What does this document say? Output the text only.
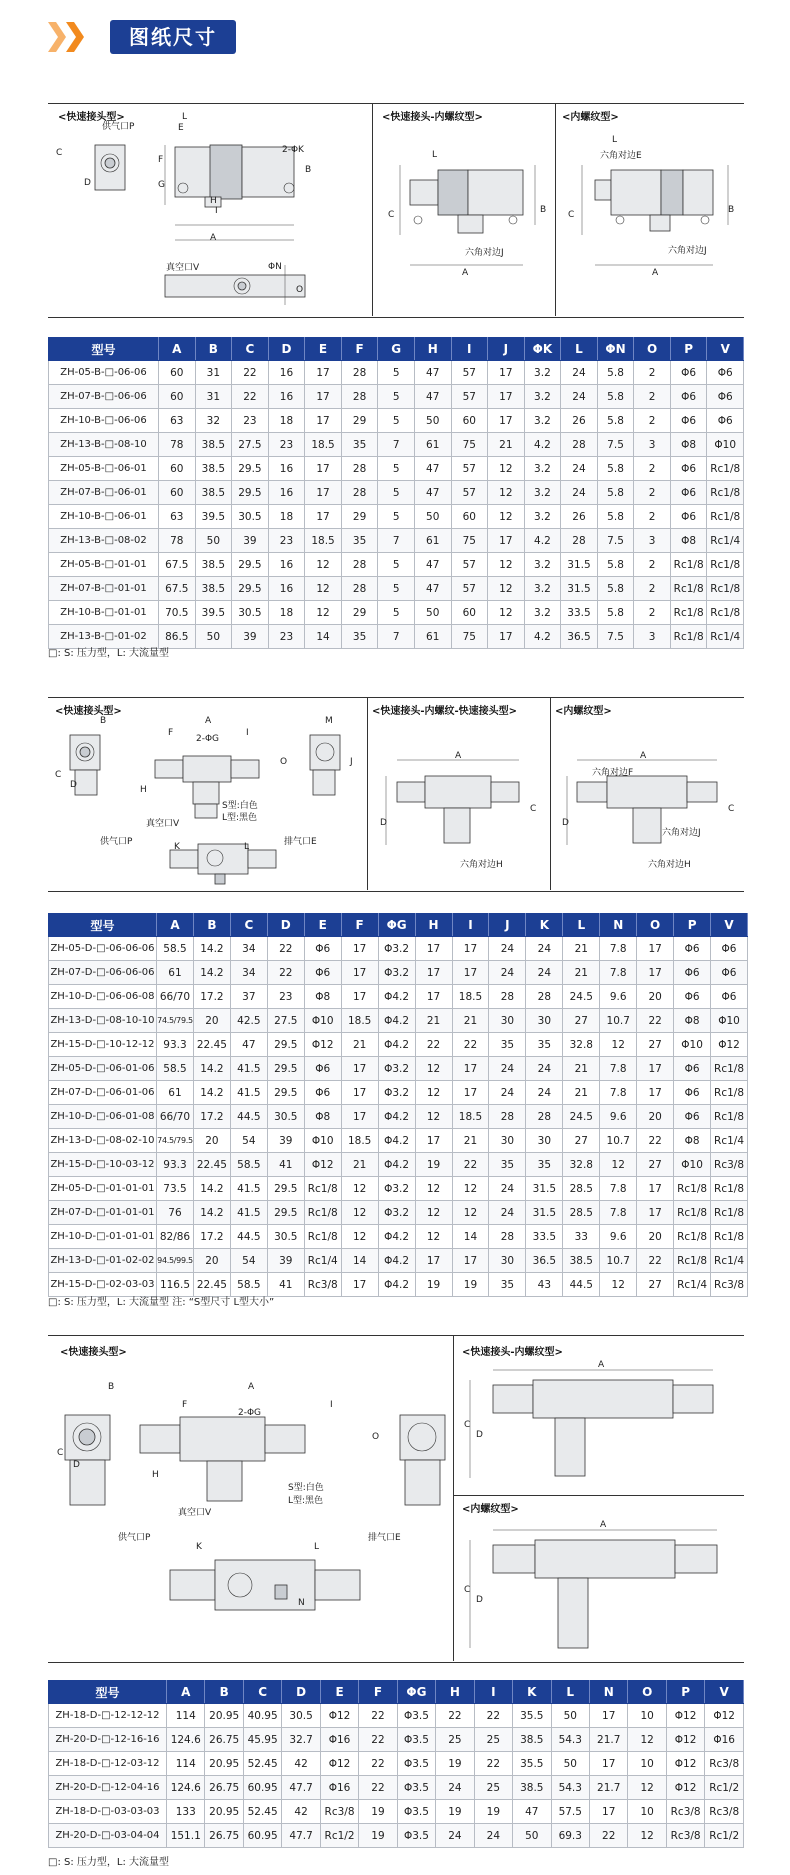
图纸尺寸
<快速接头型>	<快速接头-内螺纹型>	<内螺纹型>
供气口P
L
E
D
C
F
G
H
I
A
B
2-ΦK
真空口V	ΦN
O
L
C	B
六角对边J
A
L
六角对边E
C	B
六角对边J
A
型号	A	B	C	D	E	F	G	H	I	J	ΦK	L	ΦN	O	P	V
ZH-05-B-□-06-06	60	31	22	16	17	28	5	47	57	17	3.2	24	5.8	2	Φ6	Φ6
ZH-07-B-□-06-06	60	31	22	16	17	28	5	47	57	17	3.2	24	5.8	2	Φ6	Φ6
ZH-10-B-□-06-06	63	32	23	18	17	29	5	50	60	17	3.2	26	5.8	2	Φ6	Φ6
ZH-13-B-□-08-10	78	38.5	27.5	23	18.5	35	7	61	75	21	4.2	28	7.5	3	Φ8	Φ10
ZH-05-B-□-06-01	60	38.5	29.5	16	17	28	5	47	57	12	3.2	24	5.8	2	Φ6	Rc1/8
ZH-07-B-□-06-01	60	38.5	29.5	16	17	28	5	47	57	12	3.2	24	5.8	2	Φ6	Rc1/8
ZH-10-B-□-06-01	63	39.5	30.5	18	17	29	5	50	60	12	3.2	26	5.8	2	Φ6	Rc1/8
ZH-13-B-□-08-02	78	50	39	23	18.5	35	7	61	75	17	4.2	28	7.5	3	Φ8	Rc1/4
ZH-05-B-□-01-01	67.5	38.5	29.5	16	12	28	5	47	57	12	3.2	31.5	5.8	2	Rc1/8	Rc1/8
ZH-07-B-□-01-01	67.5	38.5	29.5	16	12	28	5	47	57	12	3.2	31.5	5.8	2	Rc1/8	Rc1/8
ZH-10-B-□-01-01	70.5	39.5	30.5	18	12	29	5	50	60	12	3.2	33.5	5.8	2	Rc1/8	Rc1/8
ZH-13-B-□-01-02	86.5	50	39	23	14	35	7	61	75	17	4.2	36.5	7.5	3	Rc1/8	Rc1/4
□: S: 压力型，L: 大流量型
<快速接头型>	<快速接头-内螺纹-快速接头型>	<内螺纹型>
B	A	M
F
2-ΦG
I
O	J
C
D	H
S型:白色
L型:黑色
真空口V
供气口P	K	L	排气口E
A
D
C
六角对边H
A
六角对边F
D
C
六角对边J
六角对边H
型号	A	B	C	D	E	F	ΦG	H	I	J	K	L	N	O	P	V
ZH-05-D-□-06-06-06	58.5	14.2	34	22	Φ6	17	Φ3.2	17	17	24	24	21	7.8	17	Φ6	Φ6
ZH-07-D-□-06-06-06	61	14.2	34	22	Φ6	17	Φ3.2	17	17	24	24	21	7.8	17	Φ6	Φ6
ZH-10-D-□-06-06-08	66/70	17.2	37	23	Φ8	17	Φ4.2	17	18.5	28	28	24.5	9.6	20	Φ6	Φ6
ZH-13-D-□-08-10-10	74.5/79.5	20	42.5	27.5	Φ10	18.5	Φ4.2	21	21	30	30	27	10.7	22	Φ8	Φ10
ZH-15-D-□-10-12-12	93.3	22.45	47	29.5	Φ12	21	Φ4.2	22	22	35	35	32.8	12	27	Φ10	Φ12
ZH-05-D-□-06-01-06	58.5	14.2	41.5	29.5	Φ6	17	Φ3.2	12	17	24	24	21	7.8	17	Φ6	Rc1/8
ZH-07-D-□-06-01-06	61	14.2	41.5	29.5	Φ6	17	Φ3.2	12	17	24	24	21	7.8	17	Φ6	Rc1/8
ZH-10-D-□-06-01-08	66/70	17.2	44.5	30.5	Φ8	17	Φ4.2	12	18.5	28	28	24.5	9.6	20	Φ6	Rc1/8
ZH-13-D-□-08-02-10	74.5/79.5	20	54	39	Φ10	18.5	Φ4.2	17	21	30	30	27	10.7	22	Φ8	Rc1/4
ZH-15-D-□-10-03-12	93.3	22.45	58.5	41	Φ12	21	Φ4.2	19	22	35	35	32.8	12	27	Φ10	Rc3/8
ZH-05-D-□-01-01-01	73.5	14.2	41.5	29.5	Rc1/8	12	Φ3.2	12	12	24	31.5	28.5	7.8	17	Rc1/8	Rc1/8
ZH-07-D-□-01-01-01	76	14.2	41.5	29.5	Rc1/8	12	Φ3.2	12	12	24	31.5	28.5	7.8	17	Rc1/8	Rc1/8
ZH-10-D-□-01-01-01	82/86	17.2	44.5	30.5	Rc1/8	12	Φ4.2	12	14	28	33.5	33	9.6	20	Rc1/8	Rc1/8
ZH-13-D-□-01-02-02	94.5/99.5	20	54	39	Rc1/4	14	Φ4.2	17	17	30	36.5	38.5	10.7	22	Rc1/8	Rc1/4
ZH-15-D-□-02-03-03	116.5	22.45	58.5	41	Rc3/8	17	Φ4.2	19	19	35	43	44.5	12	27	Rc1/4	Rc3/8
□: S: 压力型，L: 大流量型 注: “S型尺寸 L型大小”
<快速接头型>	<快速接头-内螺纹型>
<内螺纹型>
B	A
F
2-ΦG
I
O
C
D
H
S型:白色
L型:黑色
真空口V
供气口P
K	L
排气口E
N
A
C
D
A
C
D
型号	A	B	C	D	E	F	ΦG	H	I	K	L	N	O	P	V
ZH-18-D-□-12-12-12	114	20.95	40.95	30.5	Φ12	22	Φ3.5	22	22	35.5	50	17	10	Φ12	Φ12
ZH-20-D-□-12-16-16	124.6	26.75	45.95	32.7	Φ16	22	Φ3.5	25	25	38.5	54.3	21.7	12	Φ12	Φ16
ZH-18-D-□-12-03-12	114	20.95	52.45	42	Φ12	22	Φ3.5	19	22	35.5	50	17	10	Φ12	Rc3/8
ZH-20-D-□-12-04-16	124.6	26.75	60.95	47.7	Φ16	22	Φ3.5	24	25	38.5	54.3	21.7	12	Φ12	Rc1/2
ZH-18-D-□-03-03-03	133	20.95	52.45	42	Rc3/8	19	Φ3.5	19	19	47	57.5	17	10	Rc3/8	Rc3/8
ZH-20-D-□-03-04-04	151.1	26.75	60.95	47.7	Rc1/2	19	Φ3.5	24	24	50	69.3	22	12	Rc3/8	Rc1/2
□: S: 压力型，L: 大流量型
